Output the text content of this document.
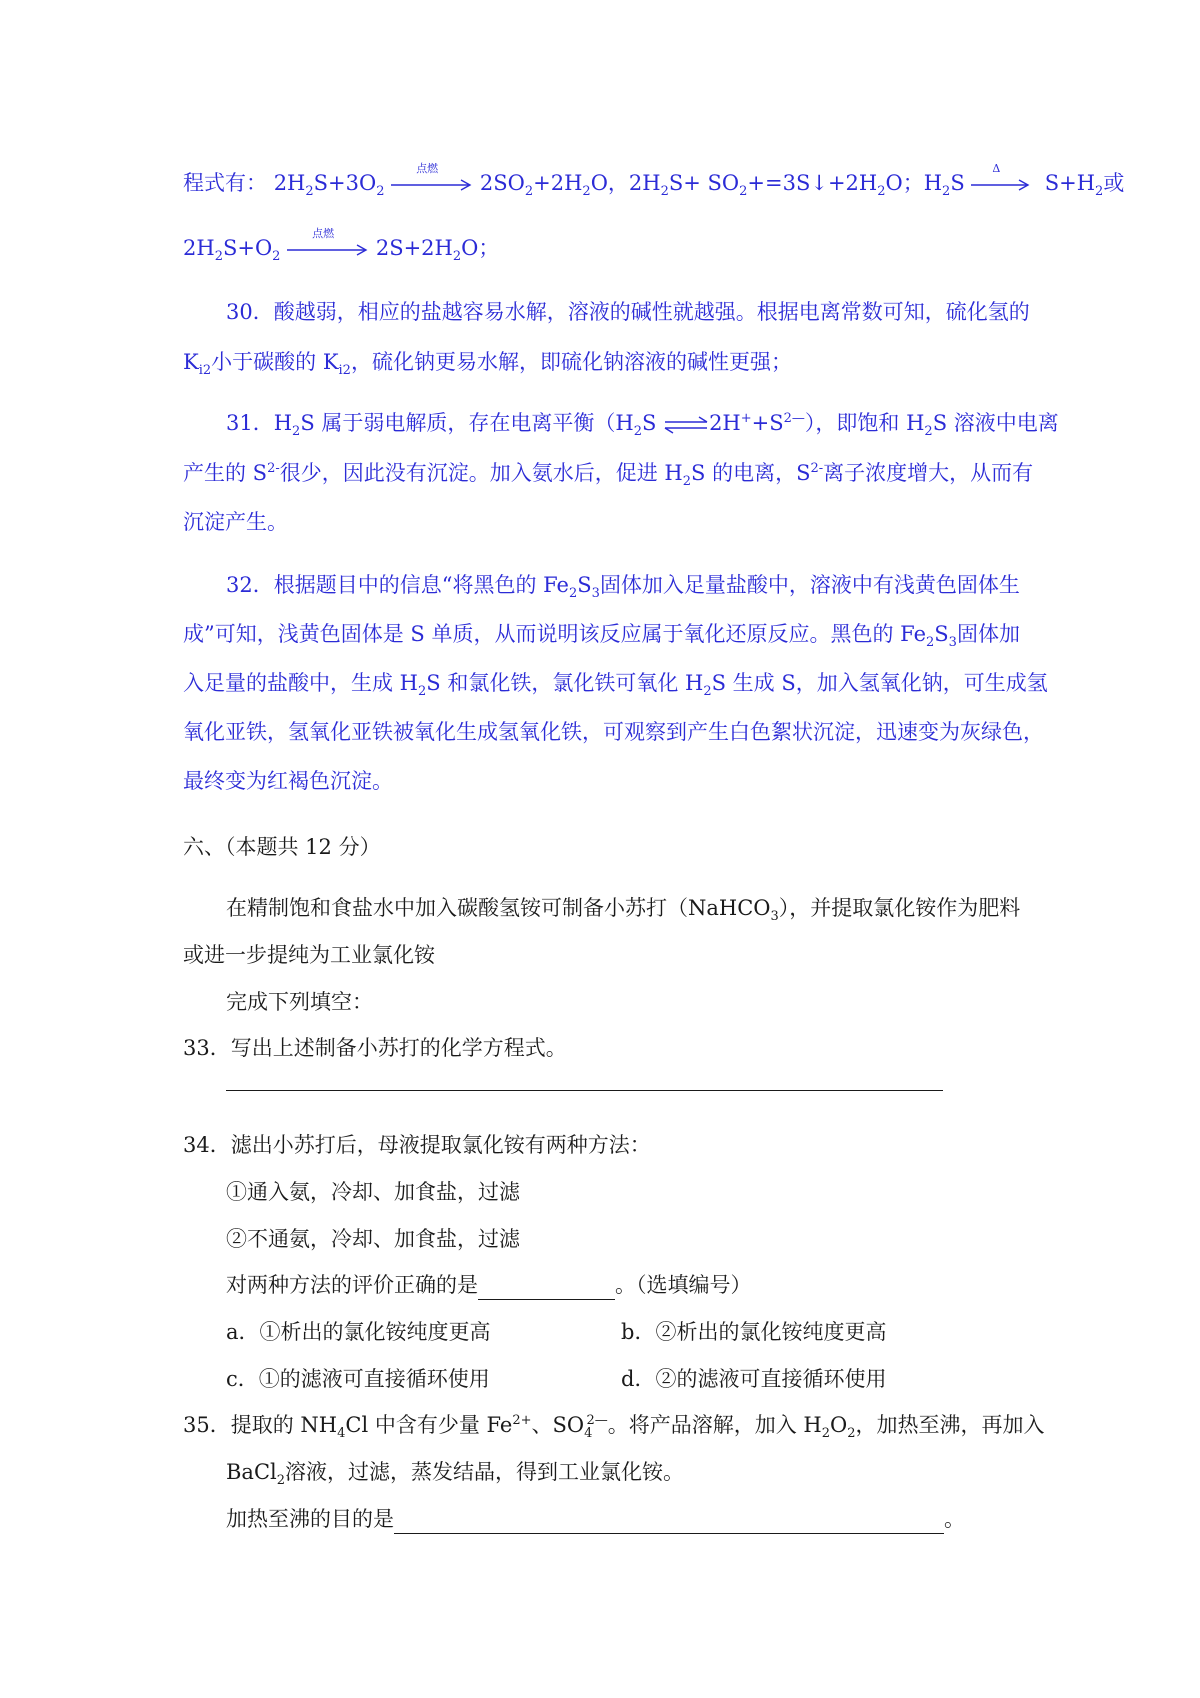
程式有： $2H_2S+3O_2$
点燃
$2SO_2+2H_2O$，$2H_2S+$ $SO_2+=3S↓+2H_2O$；$H_2S$
Δ
$S+H_2$或
$2H_2S+O_2$
点燃
$2S+2H_2O$；
30．酸越弱，相应的盐越容易水解，溶液的碱性就越强。根据电离常数可知，硫化氢的
$K_{i2}$小于碳酸的 $K_{i2}$，硫化钠更易水解，即硫化钠溶液的碱性更强；
31．$H_2S$ 属于弱电解质，存在电离平衡（$H_2S$ $\rightleftharpoons 2H^++S^{2—}$），即饱和 $H_2S$ 溶液中电离
产生的 $S^{2-}$很少，因此没有沉淀。加入氨水后，促进 $H_2S$ 的电离，$S^{2-}$离子浓度增大，从而有
沉淀产生。
32．根据题目中的信息“将黑色的 $Fe_2S_3$固体加入足量盐酸中，溶液中有浅黄色固体生
成”可知，浅黄色固体是 S 单质，从而说明该反应属于氧化还原反应。黑色的 $Fe_2S_3$固体加
入足量的盐酸中，生成 $H_2S$ 和氯化铁，氯化铁可氧化 $H_2S$ 生成 S，加入氢氧化钠，可生成氢
氧化亚铁，氢氧化亚铁被氧化生成氢氧化铁，可观察到产生白色絮状沉淀，迅速变为灰绿色，
最终变为红褐色沉淀。
六、（本题共 12 分）
在精制饱和食盐水中加入碳酸氢铵可制备小苏打（NaHCO$_3$），并提取氯化铵作为肥料
或进一步提纯为工业氯化铵
完成下列填空：
33．写出上述制备小苏打的化学方程式。
34．滤出小苏打后，母液提取氯化铵有两种方法：
①通入氨，冷却、加食盐，过滤
②不通氨，冷却、加食盐，过滤
对两种方法的评价正确的是	。（选填编号）
a．①析出的氯化铵纯度更高	b．②析出的氯化铵纯度更高
c．①的滤液可直接循环使用	d．②的滤液可直接循环使用
35．提取的 $NH_4Cl$ 中含有少量 $Fe^{2+}$、$SO_4^{2—}$。将产品溶解，加入 $H_2O_2$，加热至沸，再加入
BaCl$_2$溶液，过滤，蒸发结晶，得到工业氯化铵。
加热至沸的目的是	。
